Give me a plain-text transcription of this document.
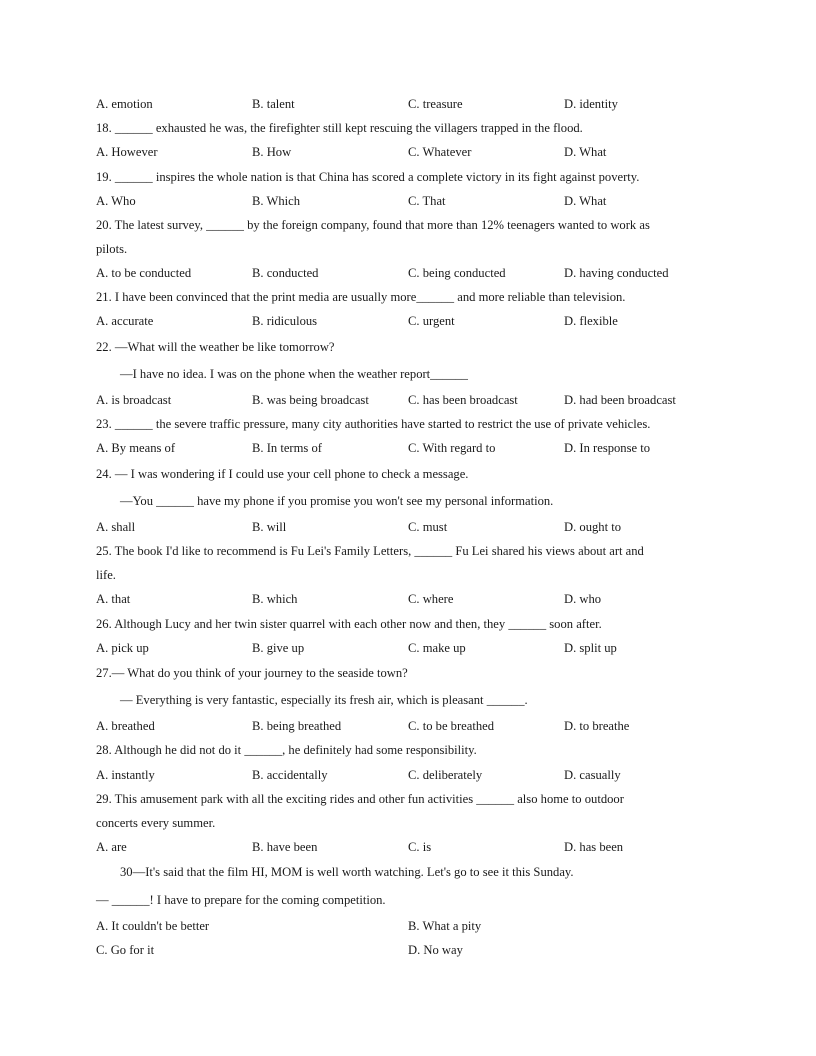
A. emotion	B. talent	C. treasure	D. identity
18. ______ exhausted he was, the firefighter still kept rescuing the villagers trapped in the flood.
A. However	B. How	C. Whatever	D. What
19. ______ inspires the whole nation is that China has scored a complete victory in its fight against poverty.
A. Who	B. Which	C. That	D. What
20. The latest survey, ______ by the foreign company, found that more than 12% teenagers wanted to work as
pilots.
A. to be conducted	B. conducted	C. being conducted	D. having conducted
21. I have been convinced that the print media are usually more______ and more reliable than television.
A. accurate	B. ridiculous	C. urgent	D. flexible
22. —What will the weather be like tomorrow?
—I have no idea. I was on the phone when the weather report______
A. is broadcast	B. was being broadcast	C. has been broadcast	D. had been broadcast
23. ______ the severe traffic pressure, many city authorities have started to restrict the use of private vehicles.
A. By means of	B. In terms of	C. With regard to	D. In response to
24. — I was wondering if I could use your cell phone to check a message.
—You ______ have my phone if you promise you won't see my personal information.
A. shall	B. will	C. must	D. ought to
25. The book I'd like to recommend is Fu Lei's Family Letters, ______ Fu Lei shared his views about art and
life.
A. that	B. which	C. where	D. who
26. Although Lucy and her twin sister quarrel with each other now and then, they ______ soon after.
A. pick up	B. give up	C. make up	D. split up
27.— What do you think of your journey to the seaside town?
— Everything is very fantastic, especially its fresh air, which is pleasant ______.
A. breathed	B. being breathed	C. to be breathed	D. to breathe
28. Although he did not do it ______, he definitely had some responsibility.
A. instantly	B. accidentally	C. deliberately	D. casually
29. This amusement park with all the exciting rides and other fun activities ______ also home to outdoor
concerts every summer.
A. are	B. have been	C. is	D. has been
30—It's said that the film HI, MOM is well worth watching. Let's go to see it this Sunday.
— ______! I have to prepare for the coming competition.
A. It couldn't be better	B. What a pity
C. Go for it	D. No way
